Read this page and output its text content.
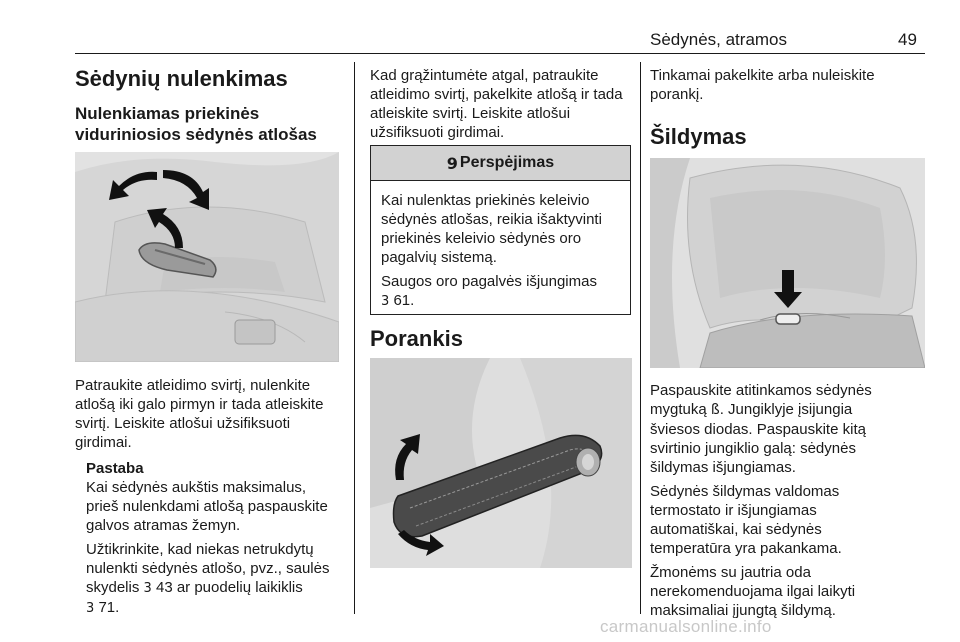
Sėdynės, atramos	49
Sėdynių nulenkimas
Nulenkiamas priekinės
viduriniosios sėdynės atlošas

Patraukite atleidimo svirtį, nulenkite
atlošą iki galo pirmyn ir tada atleiskite
svirtį. Leiskite atlošui užsifiksuoti
girdimai.

Pastaba

Kai sėdynės aukštis maksimalus,
prieš nulenkdami atlošą paspauskite
galvos atramas žemyn.

Užtikrinkite, kad niekas netrukdytų
nulenkti sėdynės atlošo, pvz., saulės
skydelis 3 43 ar puodelių laikiklis
3 71.

Kad grąžintumėte atgal, patraukite
atleidimo svirtį, pakelkite atlošą ir tada
atleiskite svirtį. Leiskite atlošui
užsifiksuoti girdimai.

9 Perspėjimas

Kai nulenktas priekinės keleivio
sėdynės atlošas, reikia išaktyvinti
priekinės keleivio sėdynės oro
pagalvių sistemą.

Saugos oro pagalvės išjungimas
3 61.

Porankis

Tinkamai pakelkite arba nuleiskite
porankį.

Šildymas

Paspauskite atitinkamos sėdynės
mygtuką ß. Jungiklyje įsijungia
šviesos diodas. Paspauskite kitą
svirtinio jungiklio galą: sėdynės
šildymas išjungiamas.

Sėdynės šildymas valdomas
termostato ir išjungiamas
automatiškai, kai sėdynės
temperatūra yra pakankama.

Žmonėms su jautria oda
nerekomenduojama ilgai laikyti
maksimaliai įjungtą šildymą.

carmanualsonline.info
